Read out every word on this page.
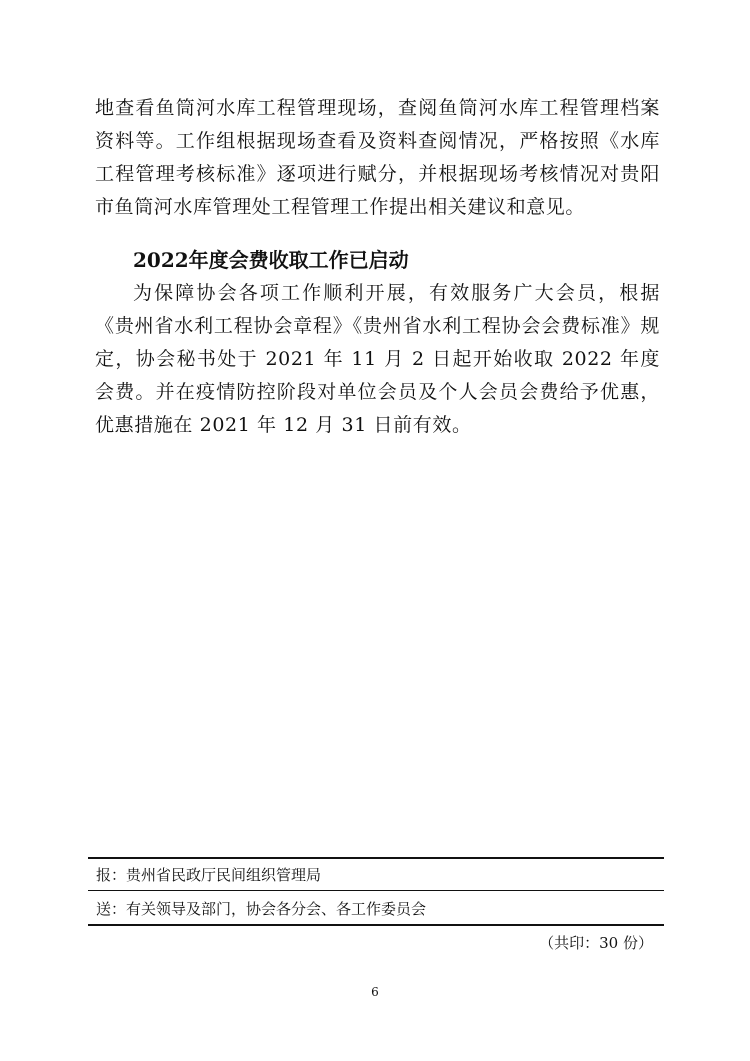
地查看鱼筒河水库工程管理现场，查阅鱼筒河水库工程管理档案资料等。工作组根据现场查看及资料查阅情况，严格按照《水库工程管理考核标准》逐项进行赋分，并根据现场考核情况对贵阳市鱼筒河水库管理处工程管理工作提出相关建议和意见。

2022年度会费收取工作已启动

为保障协会各项工作顺利开展，有效服务广大会员，根据《贵州省水利工程协会章程》《贵州省水利工程协会会费标准》规定，协会秘书处于 2021 年 11 月 2 日起开始收取 2022 年度会费。并在疫情防控阶段对单位会员及个人会员会费给予优惠，优惠措施在 2021 年 12 月 31 日前有效。

报：贵州省民政厅民间组织管理局

送：有关领导及部门，协会各分会、各工作委员会

（共印：30 份）

6
